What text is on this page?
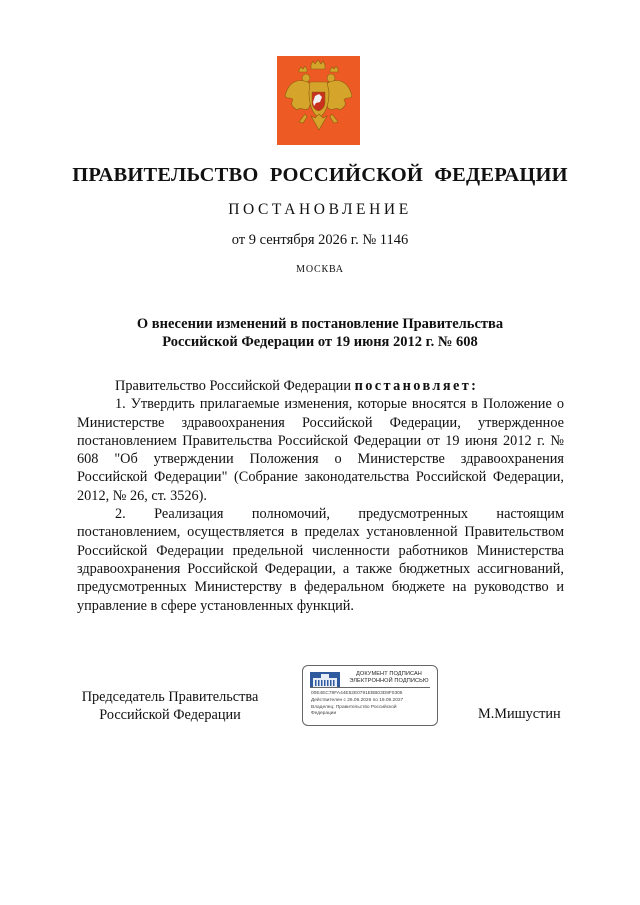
ПРАВИТЕЛЬСТВО РОССИЙСКОЙ ФЕДЕРАЦИИ
ПОСТАНОВЛЕНИЕ
от 9 сентября 2026 г. № 1146
МОСКВА
О внесении изменений в постановление Правительства
Российской Федерации от 19 июня 2012 г. № 608

Правительство Российской Федерации постановляет:

1. Утвердить прилагаемые изменения, которые вносятся в Положение о Министерстве здравоохранения Российской Федерации, утвержденное постановлением Правительства Российской Федерации от 19 июня 2012 г. № 608 "Об утверждении Положения о Министерстве здравоохранения Российской Федерации" (Собрание законодательства Российской Федерации, 2012, № 26, ст. 3526).

2. Реализация полномочий, предусмотренных настоящим постановлением, осуществляется в пределах установленной Правительством Российской Федерации предельной численности работников Министерства здравоохранения Российской Федерации, а также бюджетных ассигнований, предусмотренных Министерству в федеральном бюджете на руководство и управление в сфере установленных функций.

Председатель Правительства
Российской Федерации
ДОКУМЕНТ ПОДПИСАН
ЭЛЕКТРОННОЙ ПОДПИСЬЮ
00E4EC78FA44E52E0791EBB03D8F0305
Действителен с 26.06.2026 по 19.09.2027
Владелец: Правительство Российской
Федерации	М.Мишустин
